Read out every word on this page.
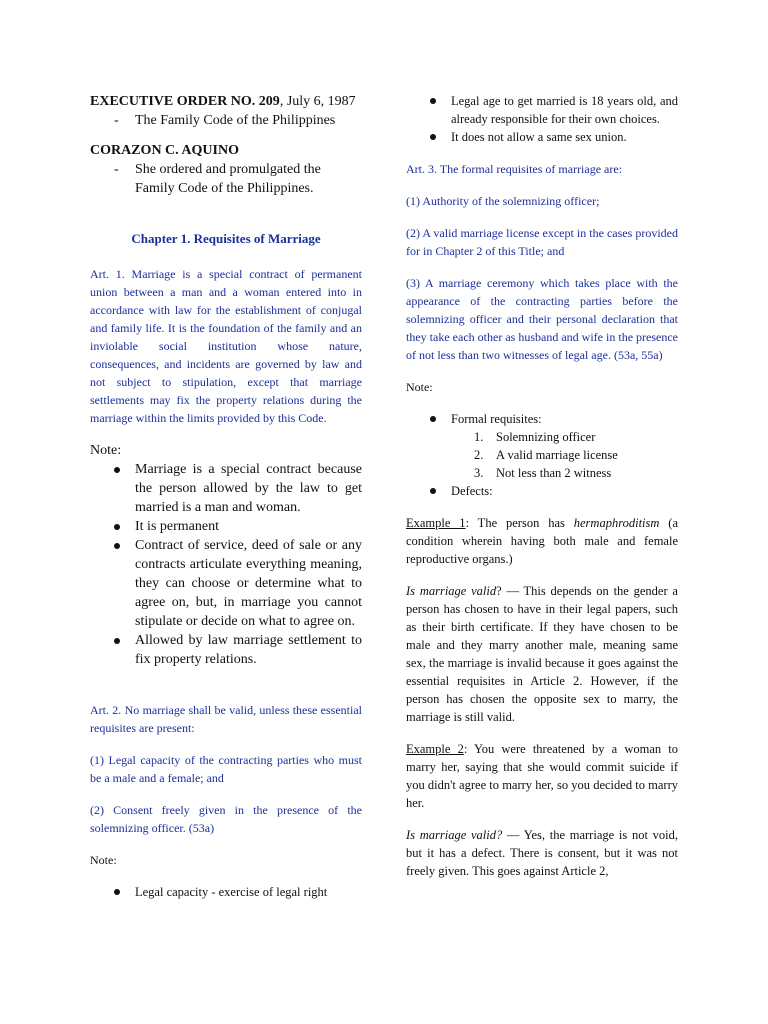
EXECUTIVE ORDER NO. 209, July 6, 1987

- The Family Code of the Philippines

CORAZON C. AQUINO

- She ordered and promulgated the Family Code of the Philippines.

Chapter 1. Requisites of Marriage

Art. 1. Marriage is a special contract of permanent union between a man and a woman entered into in accordance with law for the establishment of conjugal and family life. It is the foundation of the family and an inviolable social institution whose nature, consequences, and incidents are governed by law and not subject to stipulation, except that marriage settlements may fix the property relations during the marriage within the limits provided by this Code.

Note:

Marriage is a special contract because the person allowed by the law to get married is a man and woman.
It is permanent
Contract of service, deed of sale or any contracts articulate everything meaning, they can choose or determine what to agree on, but, in marriage you cannot stipulate or decide on what to agree on.
Allowed by law marriage settlement to fix property relations.

Art. 2. No marriage shall be valid, unless these essential requisites are present:

(1) Legal capacity of the contracting parties who must be a male and a female; and

(2) Consent freely given in the presence of the solemnizing officer. (53a)

Note:

Legal capacity - exercise of legal right
Legal age to get married is 18 years old, and already responsible for their own choices.
It does not allow a same sex union.

Art. 3. The formal requisites of marriage are:

(1) Authority of the solemnizing officer;

(2) A valid marriage license except in the cases provided for in Chapter 2 of this Title; and

(3) A marriage ceremony which takes place with the appearance of the contracting parties before the solemnizing officer and their personal declaration that they take each other as husband and wife in the presence of not less than two witnesses of legal age. (53a, 55a)

Note:

Formal requisites:
1. Solemnizing officer
2. A valid marriage license
3. Not less than 2 witness
Defects:

Example 1: The person has hermaphroditism (a condition wherein having both male and female reproductive organs.)

Is marriage valid? — This depends on the gender a person has chosen to have in their legal papers, such as their birth certificate. If they have chosen to be male and they marry another male, meaning same sex, the marriage is invalid because it goes against the essential requisites in Article 2. However, if the person has chosen the opposite sex to marry, the marriage is still valid.

Example 2: You were threatened by a woman to marry her, saying that she would commit suicide if you didn't agree to marry her, so you decided to marry her.

Is marriage valid? — Yes, the marriage is not void, but it has a defect. There is consent, but it was not freely given. This goes against Article 2,
